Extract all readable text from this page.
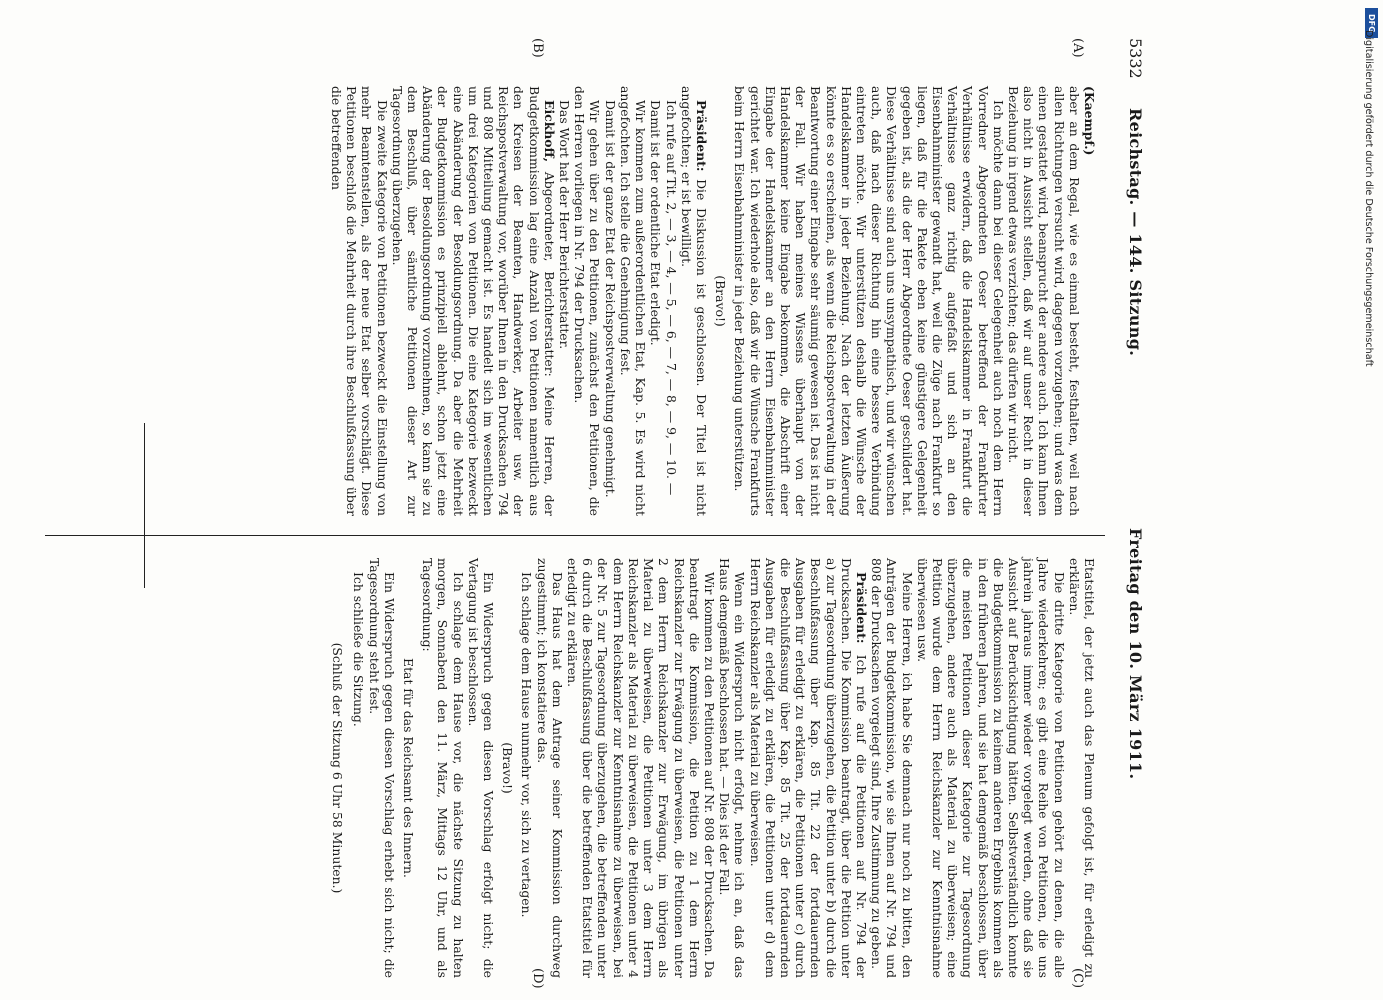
5332
Reichstag. — 144. Sitzung.
Freitag den 10. März 1911.
(A)
(B)
(C)
(D)

(Kaempf.)

aber an dem Regal, wie es einmal besteht, festhalten, weil nach allen Richtungen versucht wird, dagegen vorzugehen; und was dem einen gestattet wird, beansprucht der andere auch. Ich kann Ihnen also nicht in Aussicht stellen, daß wir auf unser Recht in dieser Beziehung in irgend etwas verzichten; das dürfen wir nicht.

Ich möchte dann bei dieser Gelegenheit auch noch dem Herrn Vorredner Abgeordneten Oeser betreffend der Frankfurter Verhältnisse erwidern, daß die Handelskammer in Frankfurt die Verhältnisse ganz richtig aufgefaßt und sich an den Eisenbahnminister gewandt hat, weil die Züge nach Frankfurt so liegen, daß für die Pakete eben keine günstigere Gelegenheit gegeben ist, als die der Herr Abgeordnete Oeser geschildert hat. Diese Verhältnisse sind auch uns unsympathisch, und wir wünschen auch, daß nach dieser Richtung hin eine bessere Verbindung eintreten möchte. Wir unterstützen deshalb die Wünsche der Handelskammer in jeder Beziehung. Nach der letzten Äußerung könnte es so erscheinen, als wenn die Reichspostverwaltung in der Beantwortung einer Eingabe sehr säumig gewesen ist. Das ist nicht der Fall. Wir haben meines Wissens überhaupt von der Handelskammer keine Eingabe bekommen, die Abschrift einer Eingabe der Handelskammer an den Herrn Eisenbahnminister gerichtet war. Ich wiederhole also, daß wir die Wünsche Frankfurts beim Herrn Eisenbahnminister in jeder Beziehung unterstützen.

(Bravo!)

Präsident: Die Diskussion ist geschlossen. Der Titel ist nicht angefochten; er ist bewilligt.

Ich rufe auf Tit. 2, — 3, — 4, — 5, — 6, — 7, — 8, — 9, — 10. —

Damit ist der ordentliche Etat erledigt.

Wir kommen zum außerordentlichen Etat, Kap. 5. Es wird nicht angefochten. Ich stelle die Genehmigung fest.

Damit ist der ganze Etat der Reichspostverwaltung genehmigt.

Wir gehen über zu den Petitionen, zunächst den Petitionen, die den Herren vorliegen in Nr. 794 der Drucksachen.

Das Wort hat der Herr Berichterstatter.

Eickhoff, Abgeordneter, Berichterstatter: Meine Herren, der Budgetkommission lag eine Anzahl von Petitionen namentlich aus den Kreisen der Beamten, Handwerker, Arbeiter usw. der Reichspostverwaltung vor, worüber Ihnen in den Drucksachen 794 und 808 Mitteilung gemacht ist. Es handelt sich im wesentlichen um drei Kategorien von Petitionen. Die eine Kategorie bezweckt eine Abänderung der Besoldungsordnung. Da aber die Mehrheit der Budgetkommission es prinzipiell ablehnt, schon jetzt eine Abänderung der Besoldungsordnung vorzunehmen, so kann sie zu dem Beschluß, über sämtliche Petitionen dieser Art zur Tagesordnung überzugehen.

Die zweite Kategorie von Petitionen bezweckt die Einstellung von mehr Beamtenstellen, als der neue Etat selber vorschlägt. Diese Petitionen beschloß die Mehrheit durch ihre Beschlußfassung über die betreffenden

Etatstitel, der jetzt auch das Plenum gefolgt ist, für erledigt zu erklären.

Die dritte Kategorie von Petitionen gehört zu denen, die alle Jahre wiederkehren; es gibt eine Reihe von Petitionen, die uns jahrein jahraus immer wieder vorgelegt werden, ohne daß sie Aussicht auf Berücksichtigung hätten. Selbstverständlich konnte die Budgetkommission zu keinem anderen Ergebnis kommen als in den früheren Jahren, und sie hat demgemäß beschlossen, über die meisten Petitionen dieser Kategorie zur Tagesordnung überzugehen, andere auch als Material zu überweisen; eine Petition wurde dem Herrn Reichskanzler zur Kenntnisnahme überwiesen usw.

Meine Herren, ich habe Sie demnach nur noch zu bitten, den Anträgen der Budgetkommission, wie sie Ihnen auf Nr. 794 und 808 der Drucksachen vorgelegt sind, Ihre Zustimmung zu geben.

Präsident: Ich rufe auf die Petitionen auf Nr. 794 der Drucksachen. Die Kommission beantragt, über die Petition unter a) zur Tagesordnung überzugehen, die Petition unter b) durch die Beschlußfassung über Kap. 85 Tit. 22 der fortdauernden Ausgaben für erledigt zu erklären, die Petitionen unter c) durch die Beschlußfassung über Kap. 85 Tit. 25 der fortdauernden Ausgaben für erledigt zu erklären, die Petitionen unter d) dem Herrn Reichskanzler als Material zu überweisen.

Wenn ein Widerspruch nicht erfolgt, nehme ich an, daß das Haus demgemäß beschlossen hat. — Dies ist der Fall.

Wir kommen zu den Petitionen auf Nr. 808 der Drucksachen. Da beantragt die Kommission, die Petition zu 1 dem Herrn Reichskanzler zur Erwägung zu überweisen, die Petitionen unter 2 dem Herrn Reichskanzler zur Erwägung, im übrigen als Material zu überweisen, die Petitionen unter 3 dem Herrn Reichskanzler als Material zu überweisen, die Petitionen unter 4 dem Herrn Reichskanzler zur Kenntnisnahme zu überweisen, bei der Nr. 5 zur Tagesordnung überzugehen, die betreffenden unter 6 durch die Beschlußfassung über die betreffenden Etatstitel für erledigt zu erklären.

Das Haus hat dem Antrage seiner Kommission durchweg zugestimmt; ich konstatiere das.

Ich schlage dem Hause nunmehr vor, sich zu vertagen.

(Bravo!)

Ein Widerspruch gegen diesen Vorschlag erfolgt nicht; die Vertagung ist beschlossen.

Ich schlage dem Hause vor, die nächste Sitzung zu halten morgen, Sonnabend den 11. März, Mittags 12 Uhr, und als Tagesordnung:

Etat für das Reichsamt des Innern.

Ein Widerspruch gegen diesen Vorschlag erhebt sich nicht; die Tagesordnung steht fest.

Ich schließe die Sitzung.

(Schluß der Sitzung 6 Uhr 58 Minuten.)

DFG
Digitalisierung gefördert durch die Deutsche Forschungsgemeinschaft
